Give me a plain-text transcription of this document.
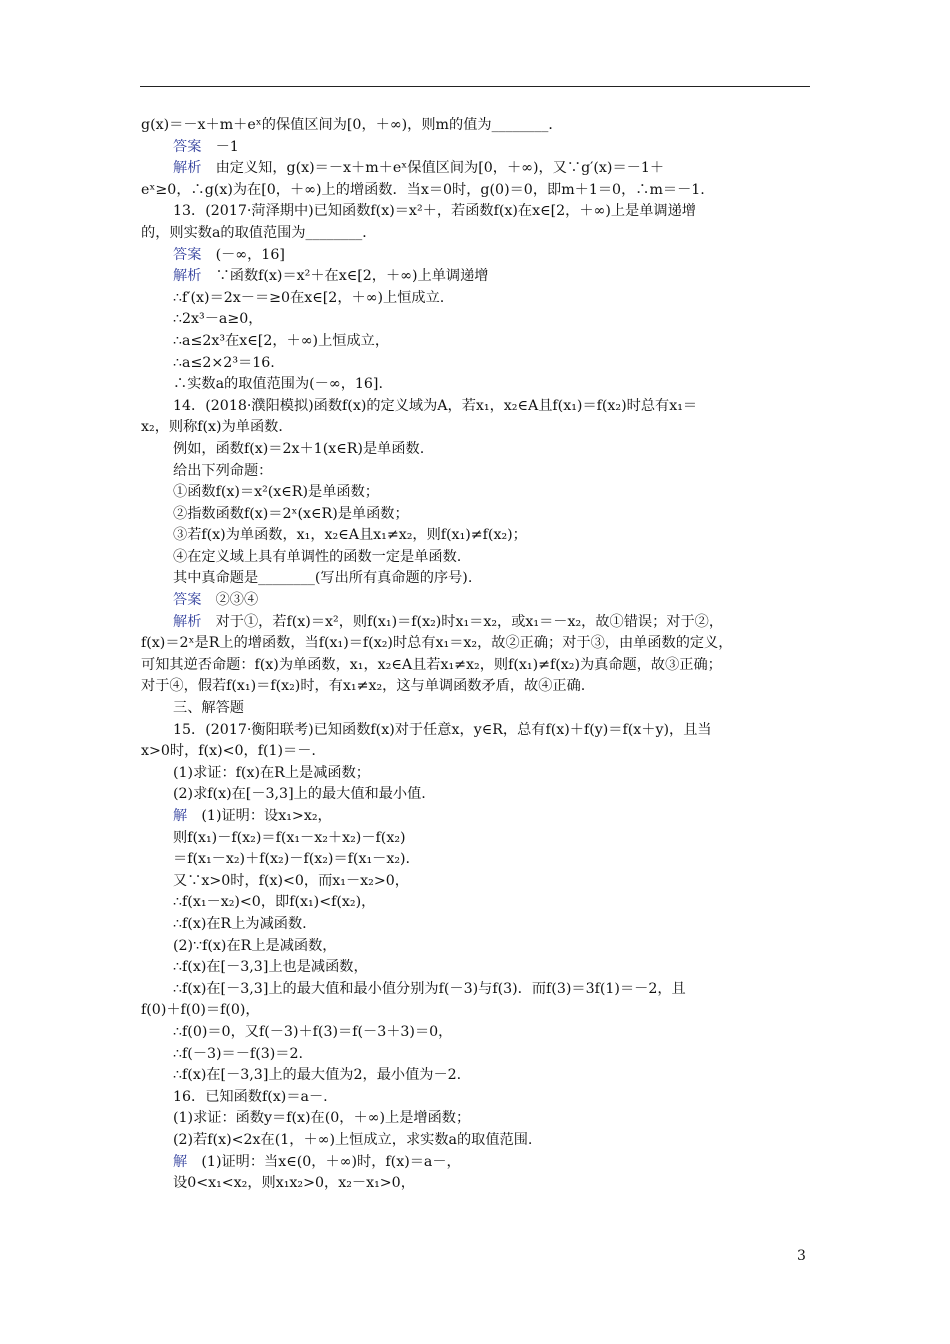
g(x)＝－x＋m＋eˣ的保值区间为[0，＋∞)，则m的值为________．
答案　－1
解析　由定义知，g(x)＝－x＋m＋eˣ保值区间为[0，＋∞)，又∵g′(x)＝－1＋
eˣ≥0，∴g(x)为在[0，＋∞)上的增函数．当x＝0时，g(0)＝0，即m＋1＝0，∴m＝－1.
13．(2017·菏泽期中)已知函数f(x)＝x²＋，若函数f(x)在x∈[2，＋∞)上是单调递增
的，则实数a的取值范围为________．
答案　(－∞，16]
解析　∵函数f(x)＝x²＋在x∈[2，＋∞)上单调递增
∴f′(x)＝2x－＝≥0在x∈[2，＋∞)上恒成立.
∴2x³－a≥0，
∴a≤2x³在x∈[2，＋∞)上恒成立，
∴a≤2×2³＝16.
∴实数a的取值范围为(－∞，16].
14．(2018·濮阳模拟)函数f(x)的定义域为A，若x₁，x₂∈A且f(x₁)＝f(x₂)时总有x₁＝
x₂，则称f(x)为单函数．
例如，函数f(x)＝2x＋1(x∈R)是单函数.
给出下列命题：
①函数f(x)＝x²(x∈R)是单函数；
②指数函数f(x)＝2ˣ(x∈R)是单函数；
③若f(x)为单函数，x₁，x₂∈A且x₁≠x₂，则f(x₁)≠f(x₂)；
④在定义域上具有单调性的函数一定是单函数.
其中真命题是________(写出所有真命题的序号).
答案　②③④
解析　对于①，若f(x)＝x²，则f(x₁)＝f(x₂)时x₁＝x₂，或x₁＝－x₂，故①错误；对于②，
f(x)＝2ˣ是R上的增函数，当f(x₁)＝f(x₂)时总有x₁＝x₂，故②正确；对于③，由单函数的定义，
可知其逆否命题：f(x)为单函数，x₁，x₂∈A且若x₁≠x₂，则f(x₁)≠f(x₂)为真命题，故③正确；
对于④，假若f(x₁)＝f(x₂)时，有x₁≠x₂，这与单调函数矛盾，故④正确.
三、解答题
15．(2017·衡阳联考)已知函数f(x)对于任意x，y∈R，总有f(x)＋f(y)＝f(x＋y)，且当
x>0时，f(x)<0，f(1)＝－.
(1)求证：f(x)在R上是减函数；
(2)求f(x)在[－3,3]上的最大值和最小值.
解　(1)证明：设x₁>x₂，
则f(x₁)－f(x₂)＝f(x₁－x₂＋x₂)－f(x₂)
＝f(x₁－x₂)＋f(x₂)－f(x₂)＝f(x₁－x₂).
又∵x>0时，f(x)<0，而x₁－x₂>0，
∴f(x₁－x₂)<0，即f(x₁)<f(x₂)，
∴f(x)在R上为减函数.
(2)∵f(x)在R上是减函数，
∴f(x)在[－3,3]上也是减函数，
∴f(x)在[－3,3]上的最大值和最小值分别为f(－3)与f(3)．而f(3)＝3f(1)＝－2，且
f(0)＋f(0)＝f(0)，
∴f(0)＝0，又f(－3)＋f(3)＝f(－3＋3)＝0，
∴f(－3)＝－f(3)＝2.
∴f(x)在[－3,3]上的最大值为2，最小值为－2.
16．已知函数f(x)＝a－.
(1)求证：函数y＝f(x)在(0，＋∞)上是增函数；
(2)若f(x)<2x在(1，＋∞)上恒成立，求实数a的取值范围.
解　(1)证明：当x∈(0，＋∞)时，f(x)＝a－，
设0<x₁<x₂，则x₁x₂>0，x₂－x₁>0，
3
